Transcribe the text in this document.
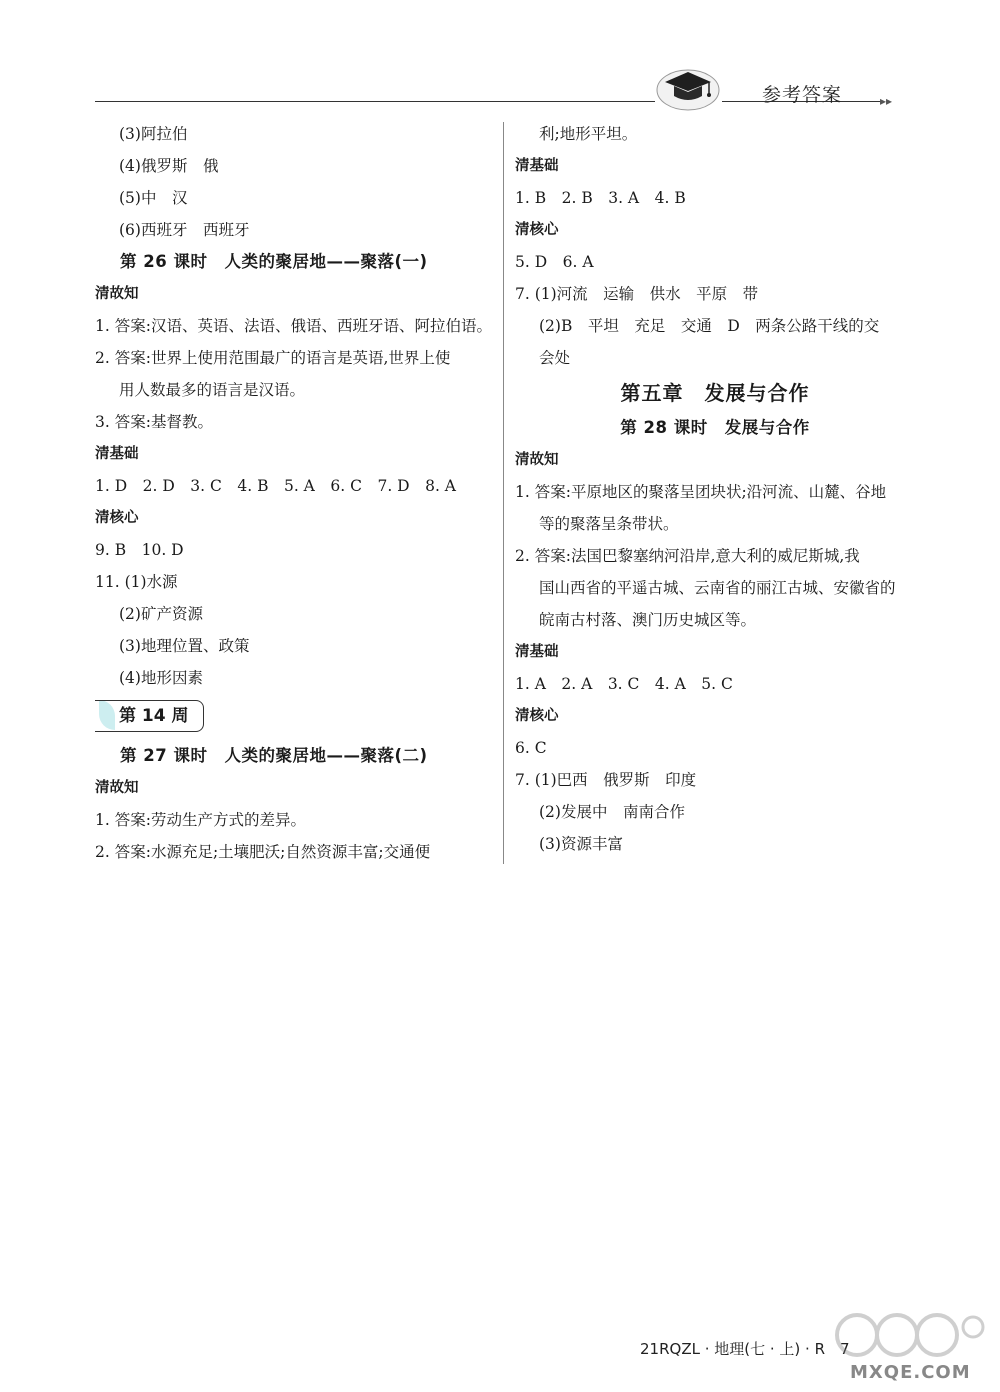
▸▸
参考答案
(3)阿拉伯
(4)俄罗斯　俄
(5)中　汉
(6)西班牙　西班牙
第 26 课时　人类的聚居地——聚落(一)
清故知
1. 答案:汉语、英语、法语、俄语、西班牙语、阿拉伯语。
2. 答案:世界上使用范围最广的语言是英语,世界上使
用人数最多的语言是汉语。
3. 答案:基督教。
清基础
1. D　2. D　3. C　4. B　5. A　6. C　7. D　8. A
清核心
9. B　10. D
11. (1)水源
(2)矿产资源
(3)地理位置、政策
(4)地形因素
第 14 周
第 27 课时　人类的聚居地——聚落(二)
清故知
1. 答案:劳动生产方式的差异。
2. 答案:水源充足;土壤肥沃;自然资源丰富;交通便
利;地形平坦。
清基础
1. B　2. B　3. A　4. B
清核心
5. D　6. A
7. (1)河流　运输　供水　平原　带
(2)B　平坦　充足　交通　D　两条公路干线的交
会处
第五章　发展与合作
第 28 课时　发展与合作
清故知
1. 答案:平原地区的聚落呈团块状;沿河流、山麓、谷地
等的聚落呈条带状。
2. 答案:法国巴黎塞纳河沿岸,意大利的威尼斯城,我
国山西省的平遥古城、云南省的丽江古城、安徽省的
皖南古村落、澳门历史城区等。
清基础
1. A　2. A　3. C　4. A　5. C
清核心
6. C
7. (1)巴西　俄罗斯　印度
(2)发展中　南南合作
(3)资源丰富
21RQZL · 地理(七 · 上) · R　7
MXQE.COM
